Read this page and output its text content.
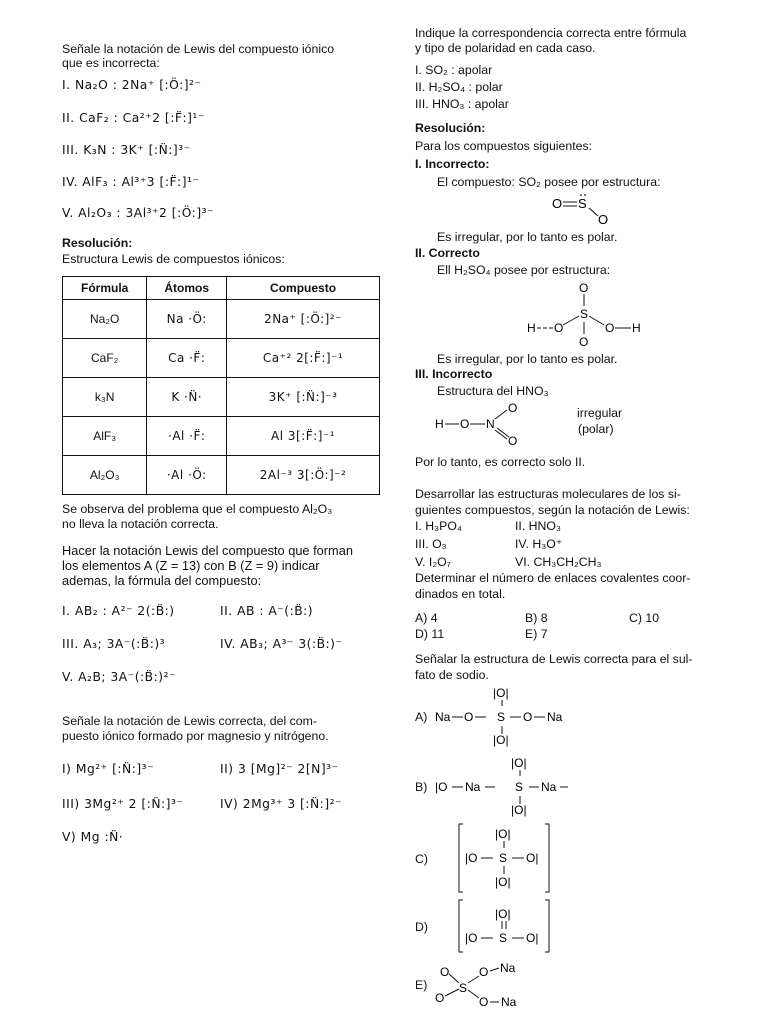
Señale la notación de Lewis del compuesto iónico
que es incorrecta:
I. Na₂O : 2Na⁺ [:Ö:]²⁻
II. CaF₂ : Ca²⁺2 [:F̈:]¹⁻
III. K₃N : 3K⁺ [:N̈:]³⁻
IV. AlF₃ : Al³⁺3 [:F̈:]¹⁻
V. Al₂O₃ : 3Al³⁺2 [:Ö:]³⁻
Resolución:
Estructura Lewis de compuestos iónicos:
Fórmula	Átomos	Compuesto
Na₂O	Na ·Ö:	2Na⁺ [:Ö:]²⁻
CaF₂	Ca ·F̈:	Ca⁺² 2[:F̈:]⁻¹
k₃N	K ·N̈·	3K⁺ [:N̈:]⁻³
AlF₃	·Al ·F̈:	Al 3[:F̈:]⁻¹
Al₂O₃	·Al ·Ö:	2Al⁻³ 3[:Ö:]⁻²
Se observa del problema que el compuesto Al₂O₃
no lleva la notación correcta.
Hacer la notación Lewis del compuesto que forman
los elementos A (Z = 13) con B (Z = 9) indicar
ademas, la fórmula del compuesto:
I. AB₂ : A²⁻ 2(:B̈:)	II. AB : A⁻(:B̈:)
III. A₃; 3A⁻(:B̈:)³	IV. AB₃; A³⁻ 3(:B̈:)⁻
V. A₂B; 3A⁻(:B̈:)²⁻
Señale la notación de Lewis correcta, del com-
puesto iónico formado por magnesio y nitrógeno.
I) Mg²⁺ [:N̈:]³⁻	II) 3 [Mg]²⁻ 2[N]³⁻
III) 3Mg²⁺ 2 [:N̈:]³⁻	IV) 2Mg³⁺ 3 [:N̈:]²⁻
V) Mg :N̈·
Indique la correspondencia correcta entre fórmula
y tipo de polaridad en cada caso.
I. SO₂ : apolar
II. H₂SO₄ : polar
III. HNO₃ : apolar
Resolución:
Para los compuestos siguientes:
I. Incorrecto:
El compuesto: SO₂ posee por estructura:
O S
O
Es irregular, por lo tanto es polar.
II. Correcto
Ell H₂SO₄ posee por estructura:
O
H O
S
O H
O
Es irregular, por lo tanto es polar.
III. Incorrecto
Estructura del HNO₃
H O N
O
O
irregular
(polar)
Por lo tanto, es correcto solo II.
Desarrollar las estructuras moleculares de los si-
guientes compuestos, según la notación de Lewis:
I. H₃PO₄	II. HNO₃
III. O₃	IV. H₃O⁺
V. I₂O₇	VI. CH₃CH₂CH₃
Determinar el número de enlaces covalentes coor-
dinados en total.
A) 4	B) 8	C) 10
D) 11	E) 7
Señalar la estructura de Lewis correcta para el sul-
fato de sodio.
A)
|O|
Na O S O Na
|O|
B)
|O|
|O Na	S Na
|O|
C)
|O|
|O S O|
|O|
D)
|O|
|O S O|
E)
O
O
S
O Na
O Na
